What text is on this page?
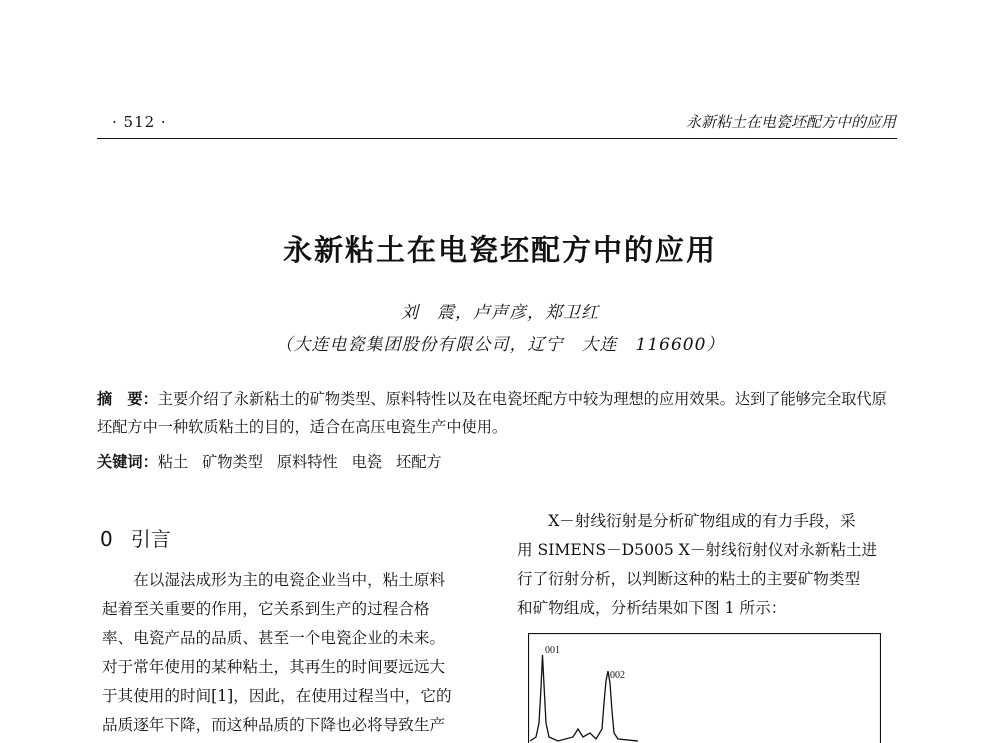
· 512 ·	永新粘土在电瓷坯配方中的应用
永新粘土在电瓷坯配方中的应用
刘　震，卢声彦，郑卫红
（大连电瓷集团股份有限公司，辽宁　大连　116600）
摘　要：主要介绍了永新粘土的矿物类型、原料特性以及在电瓷坯配方中较为理想的应用效果。达到了能够完全取代原坯配方中一种软质粘土的目的，适合在高压电瓷生产中使用。
关键词：粘土 矿物类型 原料特性 电瓷 坯配方
0 引言
在以湿法成形为主的电瓷企业当中，粘土原料
起着至关重要的作用，它关系到生产的过程合格
率、电瓷产品的品质、甚至一个电瓷企业的未来。
对于常年使用的某种粘土，其再生的时间要远远大
于其使用的时间[1]，因此，在使用过程当中，它的
品质逐年下降，而这种品质的下降也必将导致生产
X－射线衍射是分析矿物组成的有力手段，采
用 SIMENS－D5005 X－射线衍射仪对永新粘土进
行了衍射分析，以判断这种的粘土的主要矿物类型
和矿物组成，分析结果如下图 1 所示：
001
002
